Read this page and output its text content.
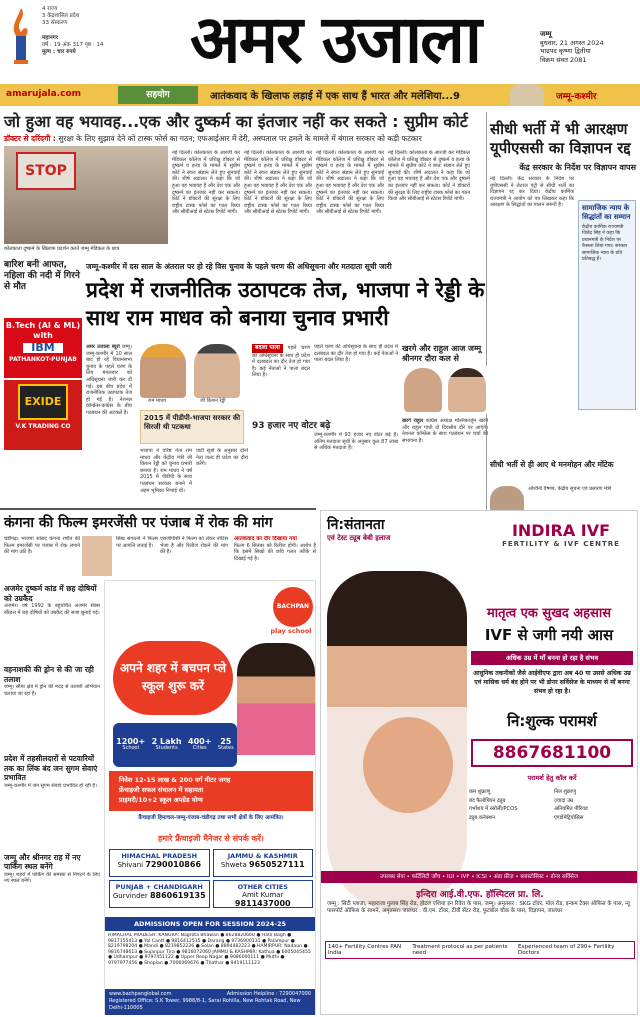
4 राज्य
3 केंद्रशासित प्रदेश
33 संस्करण
महानगर
वर्ष : 19 अंक 317 पृष्ठ : 14
मूल्य : चार रुपये	अमर उजाला	जम्मू
बुधवार, 21 अगस्त 2024
भाद्रपद कृष्णा द्वितीया
विक्रम संवत 2081
amarujala.com	सहयोग	आतंकवाद के खिलाफ लड़ाई में एक साथ हैं भारत और मलेशिया...9	जम्मू-कश्मीर
जो हुआ वह भयावह...एक और दुष्कर्म का इंतजार नहीं कर सकते : सुप्रीम कोर्ट
डॉक्टर से दरिंदगी : सुरक्षा के लिए सुझाव देने को टास्क फोर्स का गठन; एफआईआर में देरी, अस्पताल पर हमले के मामले में बंगाल सरकार को कड़ी फटकार
STOP
कोलकाता दुष्कर्म के खिलाफ प्रदर्शन करते जम्मू मेडिकल के छात्र
नई दिल्ली। कोलकाता के आरजी कर मेडिकल कॉलेज में प्रशिक्षु डॉक्टर से दुष्कर्म व हत्या के मामले में सुप्रीम कोर्ट ने स्वतः संज्ञान लेते हुए सुनवाई की। शीर्ष अदालत ने कहा कि जो हुआ वह भयावह है और देश एक और दुष्कर्म का इंतजार नहीं कर सकता। कोर्ट ने डॉक्टरों की सुरक्षा के लिए राष्ट्रीय टास्क फोर्स का गठन किया और सीबीआई से स्टेटस रिपोर्ट मांगी।
नई दिल्ली। कोलकाता के आरजी कर मेडिकल कॉलेज में प्रशिक्षु डॉक्टर से दुष्कर्म व हत्या के मामले में सुप्रीम कोर्ट ने स्वतः संज्ञान लेते हुए सुनवाई की। शीर्ष अदालत ने कहा कि जो हुआ वह भयावह है और देश एक और दुष्कर्म का इंतजार नहीं कर सकता। कोर्ट ने डॉक्टरों की सुरक्षा के लिए राष्ट्रीय टास्क फोर्स का गठन किया और सीबीआई से स्टेटस रिपोर्ट मांगी।
नई दिल्ली। कोलकाता के आरजी कर मेडिकल कॉलेज में प्रशिक्षु डॉक्टर से दुष्कर्म व हत्या के मामले में सुप्रीम कोर्ट ने स्वतः संज्ञान लेते हुए सुनवाई की। शीर्ष अदालत ने कहा कि जो हुआ वह भयावह है और देश एक और दुष्कर्म का इंतजार नहीं कर सकता। कोर्ट ने डॉक्टरों की सुरक्षा के लिए राष्ट्रीय टास्क फोर्स का गठन किया और सीबीआई से स्टेटस रिपोर्ट मांगी।
नई दिल्ली। कोलकाता के आरजी कर मेडिकल कॉलेज में प्रशिक्षु डॉक्टर से दुष्कर्म व हत्या के मामले में सुप्रीम कोर्ट ने स्वतः संज्ञान लेते हुए सुनवाई की। शीर्ष अदालत ने कहा कि जो हुआ वह भयावह है और देश एक और दुष्कर्म का इंतजार नहीं कर सकता। कोर्ट ने डॉक्टरों की सुरक्षा के लिए राष्ट्रीय टास्क फोर्स का गठन किया और सीबीआई से स्टेटस रिपोर्ट मांगी।
सीधी भर्ती में भी आरक्षण यूपीएससी का विज्ञापन रद्द
केंद्र सरकार के निर्देश पर विज्ञापन वापस
नई दिल्ली। केंद्र सरकार के निर्देश पर यूपीएससी ने लेटरल एंट्री से सीधी भर्ती का विज्ञापन रद्द कर दिया। केंद्रीय कार्मिक राज्यमंत्री ने आयोग को पत्र लिखकर कहा कि आरक्षण के सिद्धांतों का पालन जरूरी है।	सामाजिक न्याय के सिद्धांतों का सम्मान
केंद्रीय कार्मिक राज्यमंत्री जितेंद्र सिंह ने कहा कि प्रधानमंत्री के निर्देश पर फैसला लिया गया। सरकार सामाजिक न्याय के प्रति प्रतिबद्ध है।
सीधी भर्ती से ही आए थे मनमोहन और मोंटेक
अश्विनी वैष्णव, केंद्रीय सूचना एवं प्रसारण मंत्री
बारिश बनी आफत, नहिला की नदी में गिरने से मौत
B.Tech (AI & ML)
with
IBM
PATHANKOT-PUNJAB
EXIDE
V.K TRADING CO
जम्मू-कश्मीर में दस साल के अंतराल पर हो रहे विस चुनाव के पहले चरण की अधिसूचना और मतदाता सूची जारी
प्रदेश में राजनीतिक उठापटक तेज, भाजपा ने रेड्डी के साथ राम माधव को बनाया चुनाव प्रभारी
अमर उजाला ब्यूरो जम्मू। जम्मू-कश्मीर में 10 साल बाद हो रहे विधानसभा चुनाव के पहले चरण के लिए मंगलवार को अधिसूचना जारी कर दी गई। इस बीच प्रदेश में राजनीतिक उठापटक तेज हो गई है। नेशनल कॉन्फ्रेंस-कांग्रेस के बीच गठबंधन की अटकलें हैं।
राम माधव	जी किशन रेड्डी
2015 में पीडीपी-भाजपा सरकार की सिरजी थी पटकथा
भाजपा ने वरिष्ठ नेता राम माधव और केंद्रीय मंत्री जी किशन रेड्डी को चुनाव प्रभारी बनाया है। राम माधव ने वर्ष 2015 में पीडीपी के साथ गठबंधन सरकार बनाने में अहम भूमिका निभाई थी।
पार्टी सूत्रों के अनुसार दोनों नेता जल्द ही प्रदेश का दौरा करेंगे।
बदला पाला पहले चरण की अधिसूचना के साथ ही प्रदेश में दलबदल का दौर तेज हो गया है। कई नेताओं ने पाला बदल लिया है।
पहले चरण की अधिसूचना के साथ ही प्रदेश में दलबदल का दौर तेज हो गया है। कई नेताओं ने पाला बदल लिया है।
93 हजार नए वोटर बढ़े
जम्मू-कश्मीर में 93 हजार नए वोटर बढ़े हैं। अंतिम मतदाता सूची के अनुसार कुल 87 लाख से अधिक मतदाता हैं।
खरगे और राहुल आज जम्मू श्रीनगर दौरा कल से
खरगे राहुल कांग्रेस अध्यक्ष मल्लिकार्जुन खरगे और राहुल गांधी दो दिवसीय दौरे पर आएंगे। नेशनल कॉन्फ्रेंस के साथ गठबंधन पर चर्चा की संभावना है।
कंगना की फिल्म इमरजेंसी पर पंजाब में रोक की मांग
चंडीगढ़। भाजपा सांसद कंगना रणौत की फिल्म इमरजेंसी पर पंजाब में रोक लगाने की मांग उठी है।
सिख संगठनों ने फिल्म पर आपत्ति जताई है।
एसजीपीसी ने फिल्म को लेकर नोटिस भेजा है और रिलीज रोकने की मांग की है।
आतंकवाद का दौर दिखाया गया
फिल्म 6 सितंबर को रिलीज होगी। आरोप है कि इसमें सिखों की छवि गलत तरीके से दिखाई गई है।
अजमेर दुष्कर्म कांड में छह दोषियों को उम्रकैद
अजमेर। वर्ष 1992 के बहुचर्चित अजमेर सेक्स स्कैंडल में छह दोषियों को उम्रकैद की सजा सुनाई गई।
वहनाशकी की ड्रोन से की जा रही तलाश
जम्मू। सीमा क्षेत्र में ड्रोन की मदद से तलाशी अभियान चलाया जा रहा है।
प्रदेश में तहसीलदारों से पटवारियों तक का लिंक बंद जन सुगम सेवाएं प्रभावित
जम्मू-कश्मीर में जन सुगम सेवाएं प्रभावित हो रही हैं।
जम्मू और श्रीनगर राह में नए पार्किंग स्थल बनेंगे
जम्मू। शहरों में पार्किंग की समस्या से निपटने के लिए नए स्थल बनेंगे।
BACHPAN
play school
अपने शहर में बचपन प्ले स्कूल शुरू करें
1200+
School
2 Lakh
Students
400+
Cities
25
States
निवेश 12-15 लाख & 200 वर्ग मीटर जगह
फ्रेंचाइजी सफल संचालन में सहायता
प्राइमरी/10+2 स्कूल अपग्रेड योग्य
फ्रैंचाइजी हिमाचल-जम्मू-पंजाब-चंडीगढ़ तथा सभी क्षेत्रों के लिए आमंत्रित।
हमारे फ्रैंचाइजी मैनेजर से संपर्क करें।
HIMACHAL PRADESH
Shivani 7290010866
JAMMU & KASHMIR
Shweta 9650527111
PUNJAB + CHANDIGARH
Gurvinder 8860619135
OTHER CITIES
Amit Kumar 9811437000
ADMISSIONS OPEN FOR SESSION 2024-25
HIMACHAL PRADESH: KANGRA: Nagrota Bhawan ● 8628820660 ● Hatli Bagh ● 9817155413 ● Yol Cantt ● 9816412535 ● Darang ● 9736900131 ● Palampur ● 8219798204 ● Mandi ● 8219852226 ● Solan ● 8894482223 ● HAMIRPUR: Nadaun ● 9816748613 ● Sujanpur Tira ● 9816072060 JAMMU & KASHMIR: Kathua ● 6005045455 ● Udhampur ● 9797451122 ● Upper Roop Nagar ● 9086000111 ● Muthi ● 9797977456 ● Shopian ● 7006069676 ● Thathar ● 9419111123
www.bachpanglobal.com	Admission Helpline : 7290047000
Registered Office: S.K Tower, 9988/8-1, Sarai Rohilla, New Rohtak Road, New Delhi-110005
नि:संतानता
एवं टेस्ट ट्यूब बेबी इलाज	INDIRA IVF
FERTILITY & IVF CENTRE
मातृत्व एक सुखद अहसास
IVF से जगी नयी आस
अधिक उम्र में माँ बनना हो रहा है संभव
आधुनिक तकनीकों जैसे आईवीएफ द्वारा अब 40 या उससे अधिक उम्र एवं मासिक धर्म बंद होने पर भी डोनर सर्विसेज के माध्यम से माँ बनना संभव हो रहा है।
नि:शुल्क परामर्श
8867681100
परामर्श हेतु कॉल करें
कम शुक्राणु	निल शुक्राणु
बंद फैलोपियन ट्यूब	ज़्यादा उम्र
गर्भाशय में रसोली/PCOS	अनियमित पीरियड
ट्यूब कनेक्शन	एण्डोमेट्रियोसिस
उपलब्ध सेवा • फर्टिलिटी जाँच • IUI • IVF • ICSI • अंडा फ्रीज़ • ब्लास्टोसिस्ट • डोनर सर्विसेज
इन्दिरा आई.वी.एफ. हॉस्पिटल प्रा. लि.
जम्मू : सिटी प्लाजा, महाराजा गुलाब सिंह रोड, होटल एशिया इन रिवेरा के पास, जम्मू। अमृतसर : SKG टॉवर, मॉल रोड, इन्कम टैक्स ऑफिस के पास, न्यू पासपोर्ट ऑफिस के सामने, अमृतसर। जालंधर : वी.एम. टॉवर, टीवी सेंटर रोड, फुटबॉल चौक के पास, विज्ञापन, जालंधर
140+ Fertility Centres PAN India
Treatment protocol as per patients need
Experienced team of 290+ Fertility Doctors
